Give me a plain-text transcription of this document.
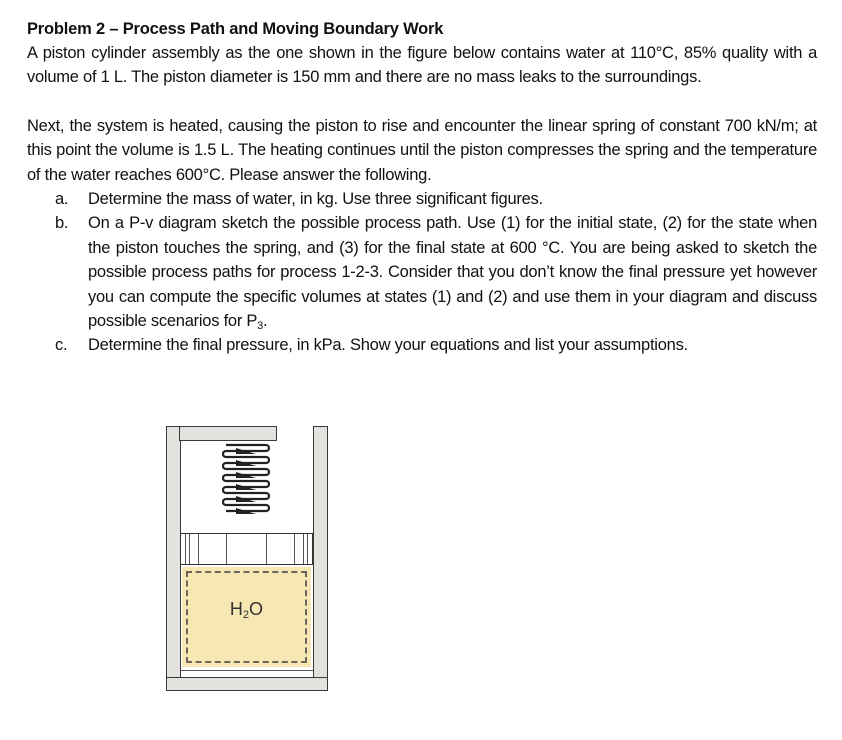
Problem 2 – Process Path and Moving Boundary Work

A piston cylinder assembly as the one shown in the figure below contains water at 110°C, 85% quality with a volume of 1 L. The piston diameter is 150 mm and there are no mass leaks to the surroundings.

Next, the system is heated, causing the piston to rise and encounter the linear spring of constant 700 kN/m; at this point the volume is 1.5 L. The heating continues until the piston compresses the spring and the temperature of the water reaches 600°C. Please answer the following.

a. Determine the mass of water, in kg. Use three significant figures.
b. On a P-v diagram sketch the possible process path. Use (1) for the initial state, (2) for the state when the piston touches the spring, and (3) for the final state at 600 °C. You are being asked to sketch the possible process paths for process 1-2-3. Consider that you don’t know the final pressure yet however you can compute the specific volumes at states (1) and (2) and use them in your diagram and discuss possible scenarios for $P_3$.
c. Determine the final pressure, in kPa. Show your equations and list your assumptions.
$H_2O$
